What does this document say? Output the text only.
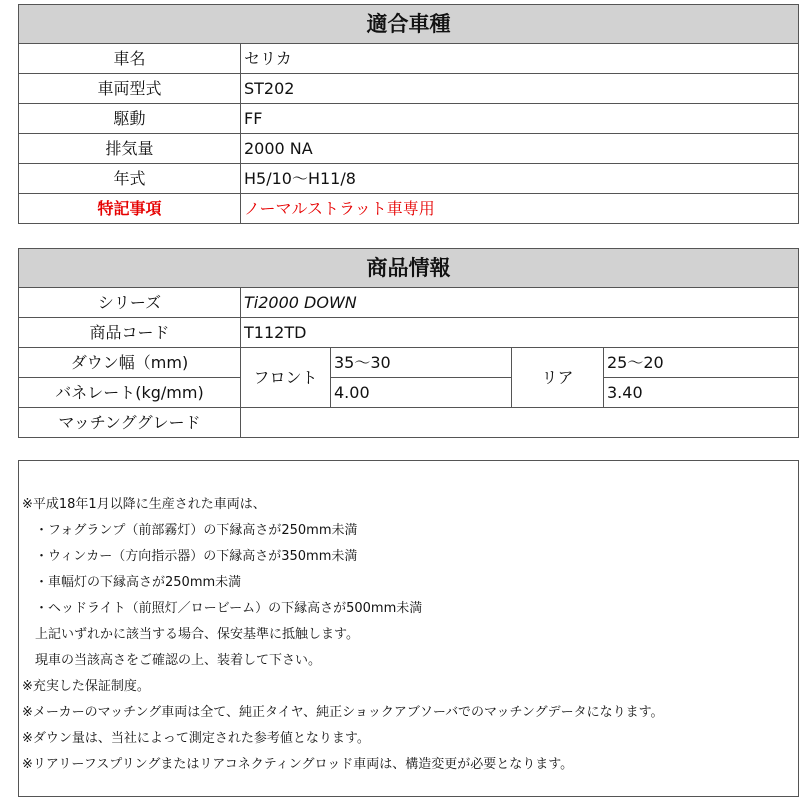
適合車種	
車名	セリカ
車両型式	ST202
駆動	FF
排気量	2000 NA
年式	H5/10〜H11/8
特記事項	ノーマルストラット車専用
商品情報				
シリーズ	Ti2000 DOWN			
商品コード	T112TD			
ダウン幅（mm)	フロント	35〜30	リア	25〜20
バネレート(kg/mm)		4.00		3.40
マッチンググレード				
※平成18年1月以降に生産された車両は、
　・フォグランプ（前部霧灯）の下縁高さが250mm未満
　・ウィンカー（方向指示器）の下縁高さが350mm未満
　・車幅灯の下縁高さが250mm未満
　・ヘッドライト（前照灯／ロービーム）の下縁高さが500mm未満
　上記いずれかに該当する場合、保安基準に抵触します。
　現車の当該高さをご確認の上、装着して下さい。
※充実した保証制度。
※メーカーのマッチング車両は全て、純正タイヤ、純正ショックアブソーバでのマッチングデータになります。
※ダウン量は、当社によって測定された参考値となります。
※リアリーフスプリングまたはリアコネクティングロッド車両は、構造変更が必要となります。
